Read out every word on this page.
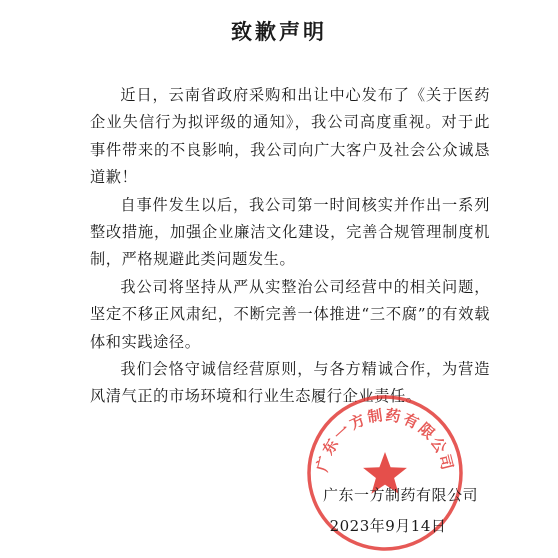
致歉声明

近日，云南省政府采购和出让中心发布了《关于医药企业失信行为拟评级的通知》，我公司高度重视。对于此事件带来的不良影响，我公司向广大客户及社会公众诚恳道歉！

自事件发生以后，我公司第一时间核实并作出一系列整改措施，加强企业廉洁文化建设，完善合规管理制度机制，严格规避此类问题发生。

我公司将坚持从严从实整治公司经营中的相关问题，坚定不移正风肃纪，不断完善一体推进“三不腐”的有效载体和实践途径。

我们会恪守诚信经营原则，与各方精诚合作，为营造风清气正的市场环境和行业生态履行企业责任。

广东一方制药有限公司
广东一方制药有限公司
2023年9月14日
